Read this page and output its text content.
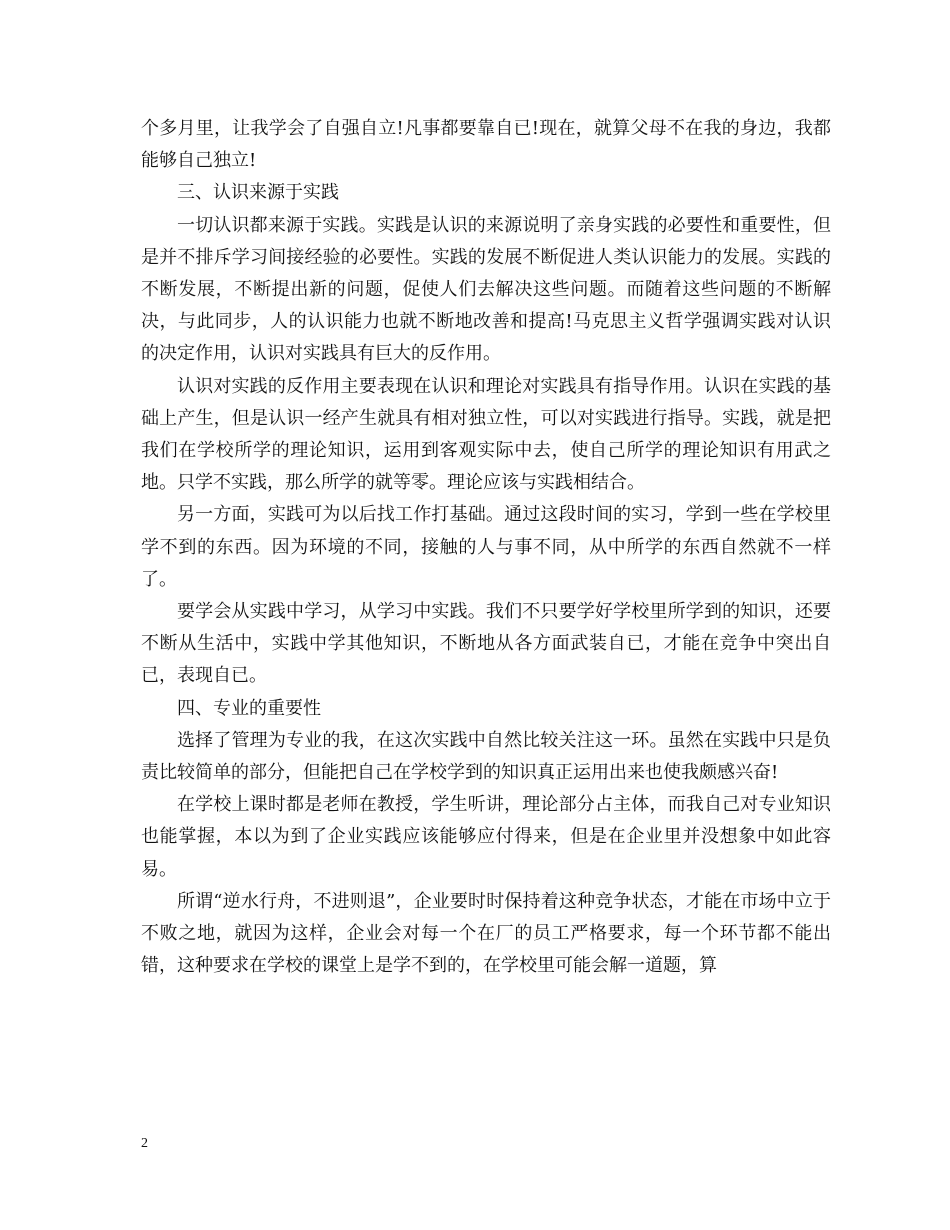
个多月里，让我学会了自强自立!凡事都要靠自已!现在，就算父母不在我的身边，我都能够自己独立!

三、认识来源于实践

一切认识都来源于实践。实践是认识的来源说明了亲身实践的必要性和重要性，但是并不排斥学习间接经验的必要性。实践的发展不断促进人类认识能力的发展。实践的不断发展，不断提出新的问题，促使人们去解决这些问题。而随着这些问题的不断解决，与此同步，人的认识能力也就不断地改善和提高!马克思主义哲学强调实践对认识的决定作用，认识对实践具有巨大的反作用。

认识对实践的反作用主要表现在认识和理论对实践具有指导作用。认识在实践的基础上产生，但是认识一经产生就具有相对独立性，可以对实践进行指导。实践，就是把我们在学校所学的理论知识，运用到客观实际中去，使自己所学的理论知识有用武之地。只学不实践，那么所学的就等零。理论应该与实践相结合。

另一方面，实践可为以后找工作打基础。通过这段时间的实习，学到一些在学校里学不到的东西。因为环境的不同，接触的人与事不同，从中所学的东西自然就不一样了。

要学会从实践中学习，从学习中实践。我们不只要学好学校里所学到的知识，还要不断从生活中，实践中学其他知识，不断地从各方面武装自已，才能在竞争中突出自已，表现自已。

四、专业的重要性

选择了管理为专业的我，在这次实践中自然比较关注这一环。虽然在实践中只是负责比较简单的部分，但能把自己在学校学到的知识真正运用出来也使我颇感兴奋!

在学校上课时都是老师在教授，学生听讲，理论部分占主体，而我自己对专业知识也能掌握，本以为到了企业实践应该能够应付得来，但是在企业里并没想象中如此容易。

所谓“逆水行舟，不进则退”，企业要时时保持着这种竞争状态，才能在市场中立于不败之地，就因为这样，企业会对每一个在厂的员工严格要求，每一个环节都不能出错，这种要求在学校的课堂上是学不到的，在学校里可能会解一道题，算

2
